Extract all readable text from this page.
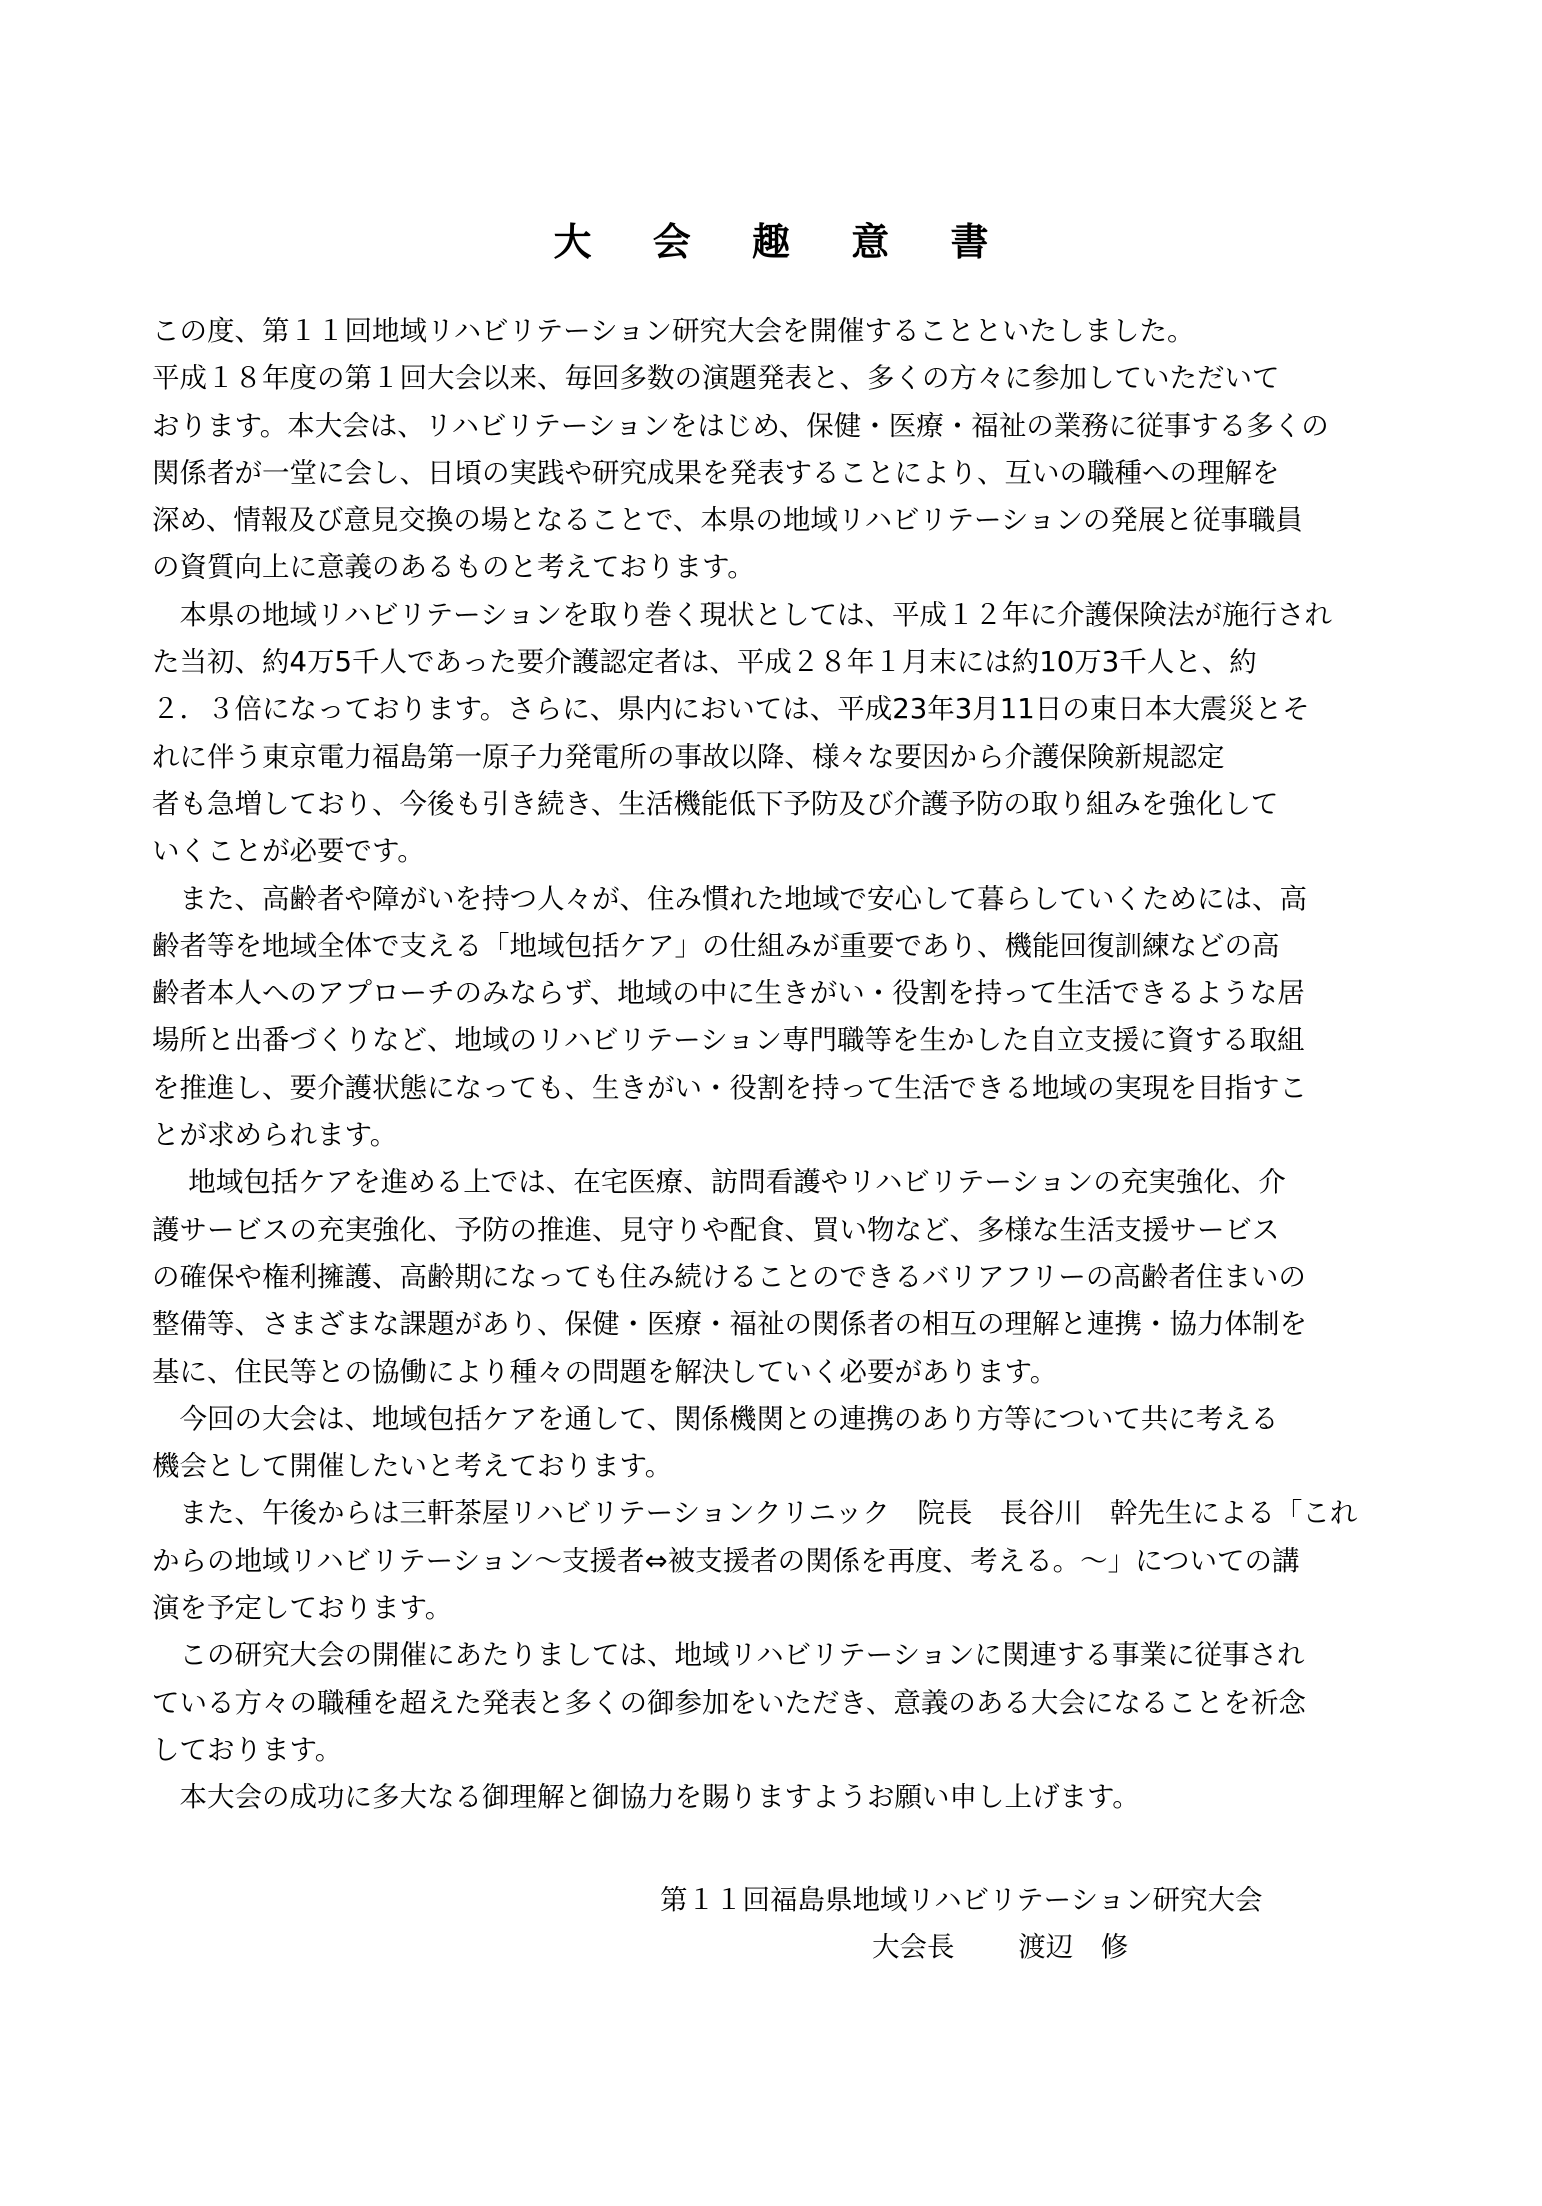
大 会 趣 意 書

この度、第１１回地域リハビリテーション研究大会を開催することといたしました。

平成１８年度の第１回大会以来、毎回多数の演題発表と、多くの方々に参加していただいて

おります。本大会は、リハビリテーションをはじめ、保健・医療・福祉の業務に従事する多くの

関係者が一堂に会し、日頃の実践や研究成果を発表することにより、互いの職種への理解を

深め、情報及び意見交換の場となることで、本県の地域リハビリテーションの発展と従事職員

の資質向上に意義のあるものと考えております。

　本県の地域リハビリテーションを取り巻く現状としては、平成１２年に介護保険法が施行され

た当初、約4万5千人であった要介護認定者は、平成２８年１月末には約10万3千人と、約

２．３倍になっております。さらに、県内においては、平成23年3月11日の東日本大震災とそ

れに伴う東京電力福島第一原子力発電所の事故以降、様々な要因から介護保険新規認定

者も急増しており、今後も引き続き、生活機能低下予防及び介護予防の取り組みを強化して

いくことが必要です。

　また、高齢者や障がいを持つ人々が、住み慣れた地域で安心して暮らしていくためには、高

齢者等を地域全体で支える「地域包括ケア」の仕組みが重要であり、機能回復訓練などの高

齢者本人へのアプローチのみならず、地域の中に生きがい・役割を持って生活できるような居

場所と出番づくりなど、地域のリハビリテーション専門職等を生かした自立支援に資する取組

を推進し、要介護状態になっても、生きがい・役割を持って生活できる地域の実現を目指すこ

とが求められます。

　 地域包括ケアを進める上では、在宅医療、訪問看護やリハビリテーションの充実強化、介

護サービスの充実強化、予防の推進、見守りや配食、買い物など、多様な生活支援サービス

の確保や権利擁護、高齢期になっても住み続けることのできるバリアフリーの高齢者住まいの

整備等、さまざまな課題があり、保健・医療・福祉の関係者の相互の理解と連携・協力体制を

基に、住民等との協働により種々の問題を解決していく必要があります。

　今回の大会は、地域包括ケアを通して、関係機関との連携のあり方等について共に考える

機会として開催したいと考えております。

　また、午後からは三軒茶屋リハビリテーションクリニック　院長　長谷川　幹先生による「これ

からの地域リハビリテーション～支援者⇔被支援者の関係を再度、考える。～」についての講

演を予定しております。

　この研究大会の開催にあたりましては、地域リハビリテーションに関連する事業に従事され

ている方々の職種を超えた発表と多くの御参加をいただき、意義のある大会になることを祈念

しております。

　本大会の成功に多大なる御理解と御協力を賜りますようお願い申し上げます。

第１１回福島県地域リハビリテーション研究大会

大会長　　 渡辺　修
